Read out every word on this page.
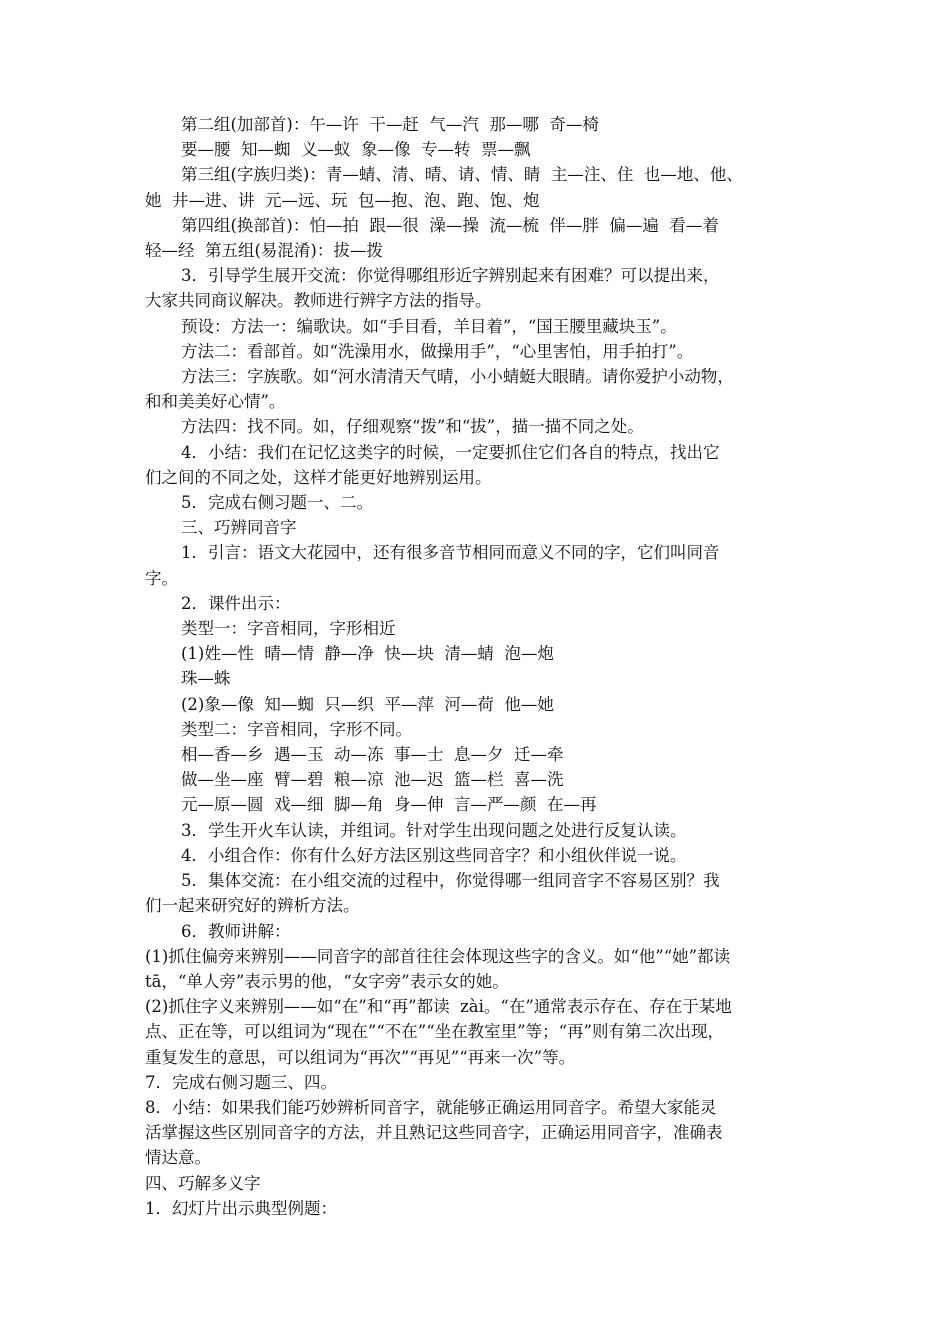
第二组(加部首)：午—许  干—赶  气—汽  那—哪  奇—椅

要—腰  知—蜘  义—蚁  象—像  专—转  票—飘

第三组(字族归类)：青—蜻、清、晴、请、情、睛  主—注、住  也—地、他、

她  井—进、讲  元—远、玩  包—抱、泡、跑、饱、炮

第四组(换部首)：怕—拍  跟—很  澡—操  流—梳  伴—胖  偏—遍  看—着

轻—经  第五组(易混淆)：拔—拨

3．引导学生展开交流：你觉得哪组形近字辨别起来有困难？可以提出来，

大家共同商议解决。教师进行辨字方法的指导。

预设：方法一：编歌诀。如“手目看，羊目着”，“国王腰里藏块玉”。

方法二：看部首。如“洗澡用水，做操用手”，“心里害怕，用手拍打”。

方法三：字族歌。如“河水清清天气晴，小小蜻蜓大眼睛。请你爱护小动物，

和和美美好心情”。

方法四：找不同。如，仔细观察“拨”和“拔”，描一描不同之处。

4．小结：我们在记忆这类字的时候，一定要抓住它们各自的特点，找出它

们之间的不同之处，这样才能更好地辨别运用。

5．完成右侧习题一、二。

三、巧辨同音字

1．引言：语文大花园中，还有很多音节相同而意义不同的字，它们叫同音

字。

2．课件出示：

类型一：字音相同，字形相近

(1)姓—性  晴—情  静—净  快—块  清—蜻  泡—炮

珠—蛛

(2)象—像  知—蜘  只—织  平—萍  河—荷  他—她

类型二：字音相同，字形不同。

相—香—乡  遇—玉  动—冻  事—士  息—夕  迁—牵

做—坐—座  臂—碧  粮—凉  池—迟  篮—栏  喜—洗

元—原—圆  戏—细  脚—角  身—伸  言—严—颜  在—再

3．学生开火车认读，并组词。针对学生出现问题之处进行反复认读。

4．小组合作：你有什么好方法区别这些同音字？和小组伙伴说一说。

5．集体交流：在小组交流的过程中，你觉得哪一组同音字不容易区别？我

们一起来研究好的辨析方法。

6．教师讲解：

(1)抓住偏旁来辨别——同音字的部首往往会体现这些字的含义。如“他”“她”都读

tā，“单人旁”表示男的他，“女字旁”表示女的她。

(2)抓住字义来辨别——如“在”和“再”都读  zài。“在”通常表示存在、存在于某地

点、正在等，可以组词为“现在”“不在”“坐在教室里”等；“再”则有第二次出现，

重复发生的意思，可以组词为“再次”“再见”“再来一次”等。

7．完成右侧习题三、四。

8．小结：如果我们能巧妙辨析同音字，就能够正确运用同音字。希望大家能灵

活掌握这些区别同音字的方法，并且熟记这些同音字，正确运用同音字，准确表

情达意。

四、巧解多义字

1．幻灯片出示典型例题：
